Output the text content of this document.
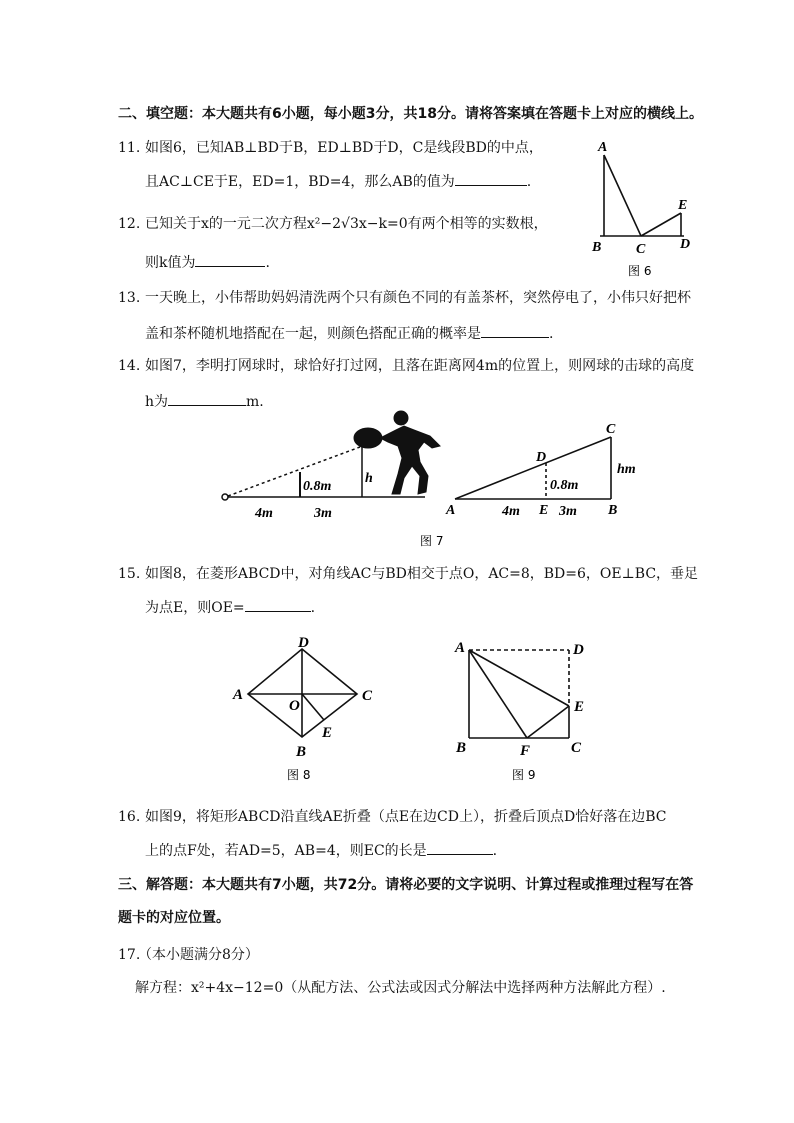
二、填空题：本大题共有6小题，每小题3分，共18分。请将答案填在答题卡上对应的横线上。
11. 如图6，已知AB⊥BD于B，ED⊥BD于D，C是线段BD的中点，
且AC⊥CE于E，ED=1，BD=4，那么AB的值为	.
12. 已知关于x的一元二次方程x²−2√3x−k=0有两个相等的实数根，
则k值为	.
13. 一天晚上，小伟帮助妈妈清洗两个只有颜色不同的有盖茶杯，突然停电了，小伟只好把杯
盖和茶杯随机地搭配在一起，则颜色搭配正确的概率是	.
14. 如图7，李明打网球时，球恰好打过网，且落在距离网4m的位置上，则网球的击球的高度
h为	m.
15. 如图8，在菱形ABCD中，对角线AC与BD相交于点O，AC=8，BD=6，OE⊥BC，垂足
为点E，则OE=	.
16. 如图9，将矩形ABCD沿直线AE折叠（点E在边CD上），折叠后顶点D恰好落在边BC
上的点F处，若AD=5，AB=4，则EC的长是	.
三、解答题：本大题共有7小题，共72分。请将必要的文字说明、计算过程或推理过程写在答
题卡的对应位置。
17.
（本小题满分8分）
解方程：x²+4x−12=0（从配方法、公式法或因式分解法中选择两种方法解此方程）.
A
B C D
E
图 6
0.8m
h
4m	3m
C
D
0.8m
hm
A	4m E 3m B
图 7
D
A	C
O
B
E
图 8
A	D
E
B	F	C
图 9
